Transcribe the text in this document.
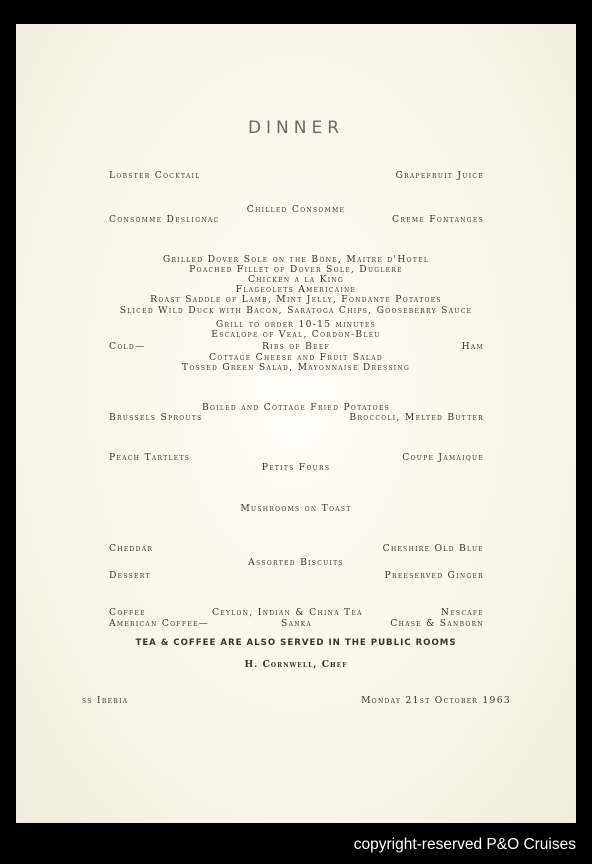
DINNER
Lobster Cocktail	Grapefruit Juice
Chilled Consomme
Consomme Deslignac	Creme Fontanges
Grilled Dover Sole on the Bone, Maitre d'Hotel
Poached Fillet of Dover Sole, Duglere
Chicken a la King
Flageolets Americaine
Roast Saddle of Lamb, Mint Jelly, Fondante Potatoes
Sliced Wild Duck with Bacon, Saratoga Chips, Gooseberry Sauce
Grill to order 10-15 minutes
Escalope of Veal, Cordon-Bleu
Cold—	Ribs of Beef	Ham
Cottage Cheese and Fruit Salad
Tossed Green Salad, Mayonnaise Dressing
Boiled and Cottage Fried Potatoes
Brussels Sprouts	Broccoli, Melted Butter
Peach Tartlets	Coupe Jamaique
Petits Fours
Mushrooms on Toast
Cheddar	Cheshire Old Blue
Assorted Biscuits
Dessert	Preeserved Ginger
Coffee	Ceylon, Indian & China Tea	Nescafe
American Coffee—	Sanka	Chase & Sanborn
TEA & COFFEE ARE ALSO SERVED IN THE PUBLIC ROOMS
H. Cornwell, Chef
ss Iberia	Monday 21st October 1963
copyright-reserved P&O Cruises
